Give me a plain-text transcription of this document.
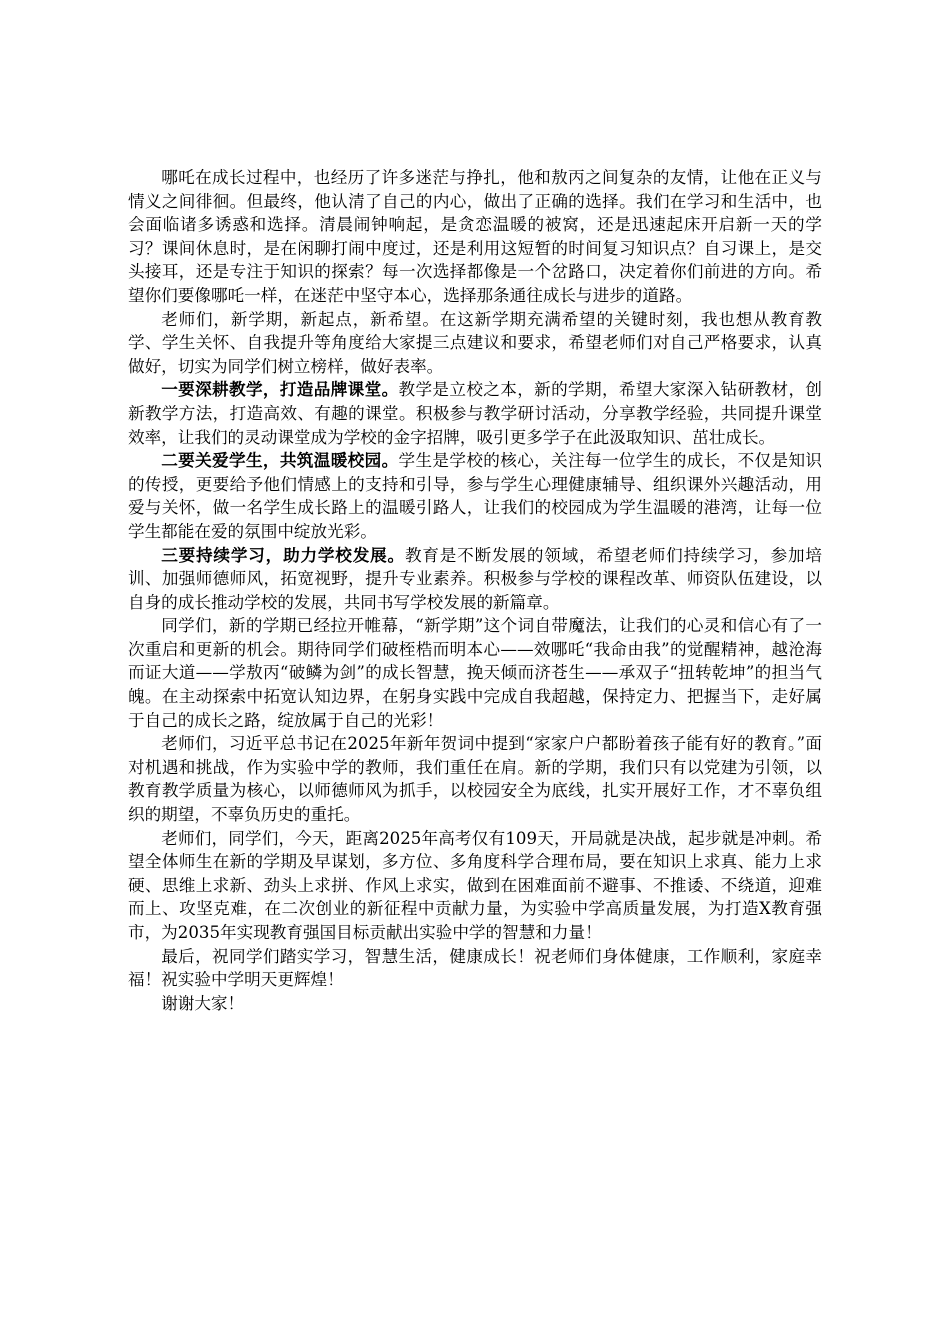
哪吒在成长过程中，也经历了许多迷茫与挣扎，他和敖丙之间复杂的友情，让他在正义与情义之间徘徊。但最终，他认清了自己的内心，做出了正确的选择。我们在学习和生活中，也会面临诸多诱惑和选择。清晨闹钟响起，是贪恋温暖的被窝，还是迅速起床开启新一天的学习？课间休息时，是在闲聊打闹中度过，还是利用这短暂的时间复习知识点？自习课上，是交头接耳，还是专注于知识的探索？每一次选择都像是一个岔路口，决定着你们前进的方向。希望你们要像哪吒一样，在迷茫中坚守本心，选择那条通往成长与进步的道路。

老师们，新学期，新起点，新希望。在这新学期充满希望的关键时刻，我也想从教育教学、学生关怀、自我提升等角度给大家提三点建议和要求，希望老师们对自己严格要求，认真做好，切实为同学们树立榜样，做好表率。

一要深耕教学，打造品牌课堂。教学是立校之本，新的学期，希望大家深入钻研教材，创新教学方法，打造高效、有趣的课堂。积极参与教学研讨活动，分享教学经验，共同提升课堂效率，让我们的灵动课堂成为学校的金字招牌，吸引更多学子在此汲取知识、茁壮成长。

二要关爱学生，共筑温暖校园。学生是学校的核心，关注每一位学生的成长，不仅是知识的传授，更要给予他们情感上的支持和引导，参与学生心理健康辅导、组织课外兴趣活动，用爱与关怀，做一名学生成长路上的温暖引路人，让我们的校园成为学生温暖的港湾，让每一位学生都能在爱的氛围中绽放光彩。

三要持续学习，助力学校发展。教育是不断发展的领域，希望老师们持续学习，参加培训、加强师德师风，拓宽视野，提升专业素养。积极参与学校的课程改革、师资队伍建设，以自身的成长推动学校的发展，共同书写学校发展的新篇章。

同学们，新的学期已经拉开帷幕，“新学期”这个词自带魔法，让我们的心灵和信心有了一次重启和更新的机会。期待同学们破桎梏而明本心——效哪吒“我命由我”的觉醒精神，越沧海而证大道——学敖丙“破鳞为剑”的成长智慧，挽天倾而济苍生——承双子“扭转乾坤”的担当气魄。在主动探索中拓宽认知边界，在躬身实践中完成自我超越，保持定力、把握当下，走好属于自己的成长之路，绽放属于自己的光彩！

老师们，习近平总书记在2025年新年贺词中提到“家家户户都盼着孩子能有好的教育。”面对机遇和挑战，作为实验中学的教师，我们重任在肩。新的学期，我们只有以党建为引领，以教育教学质量为核心，以师德师风为抓手，以校园安全为底线，扎实开展好工作，才不辜负组织的期望，不辜负历史的重托。

老师们，同学们，今天，距离2025年高考仅有109天，开局就是决战，起步就是冲刺。希望全体师生在新的学期及早谋划，多方位、多角度科学合理布局，要在知识上求真、能力上求硬、思维上求新、劲头上求拼、作风上求实，做到在困难面前不避事、不推诿、不绕道，迎难而上、攻坚克难，在二次创业的新征程中贡献力量，为实验中学高质量发展，为打造X教育强市，为2035年实现教育强国目标贡献出实验中学的智慧和力量！

最后，祝同学们踏实学习，智慧生活，健康成长！祝老师们身体健康，工作顺利，家庭幸福！祝实验中学明天更辉煌！

谢谢大家！
